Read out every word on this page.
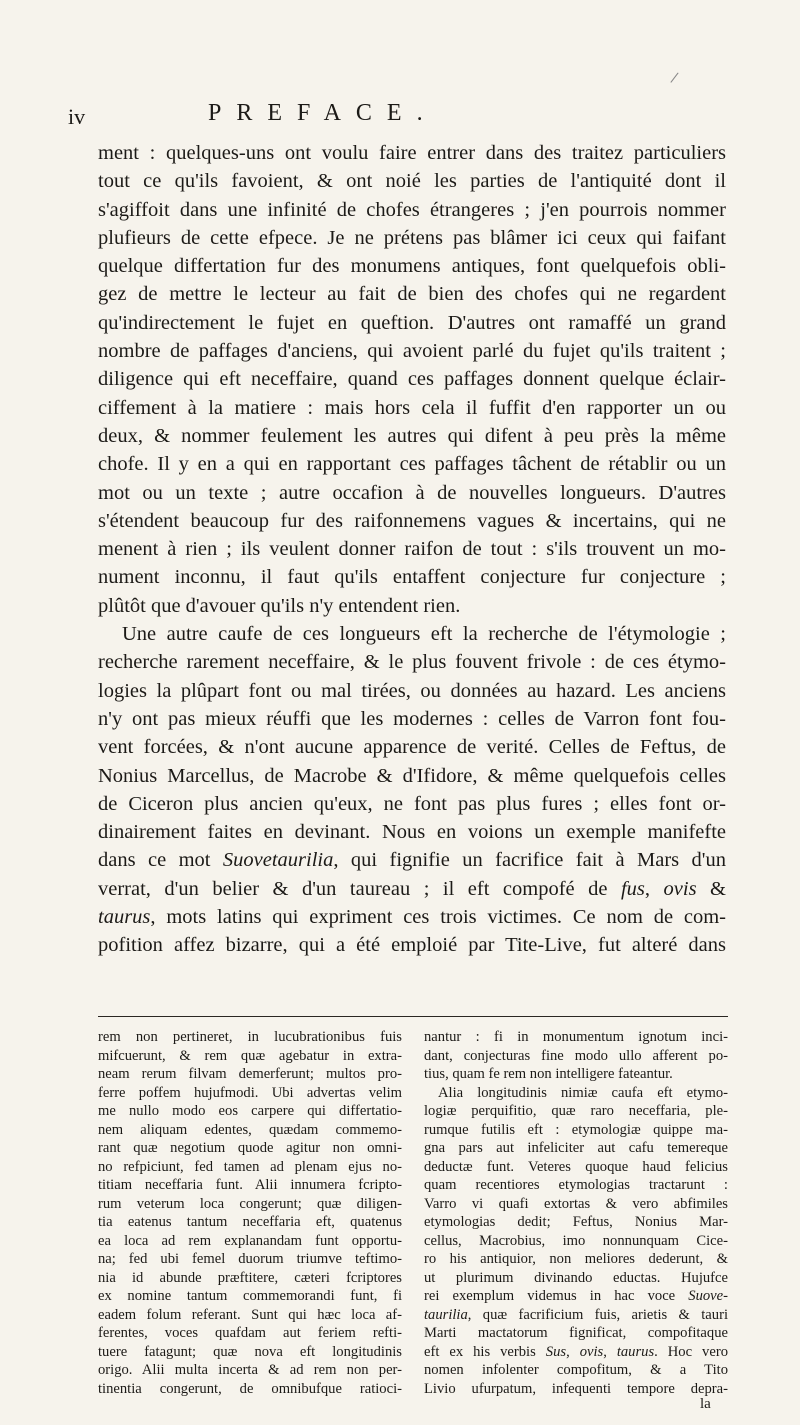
/
iv	PREFACE.
ment : quelques-uns ont voulu faire entrer dans des traitez particuliers
tout ce qu'ils favoient, & ont noié les parties de l'antiquité dont il
s'agiffoit dans une infinité de chofes étrangeres ; j'en pourrois nommer
plufieurs de cette efpece. Je ne prétens pas blâmer ici ceux qui faifant
quelque differtation fur des monumens antiques, font quelquefois obli-
gez de mettre le lecteur au fait de bien des chofes qui ne regardent
qu'indirectement le fujet en queftion. D'autres ont ramaffé un grand
nombre de paffages d'anciens, qui avoient parlé du fujet qu'ils traitent ;
diligence qui eft neceffaire, quand ces paffages donnent quelque éclair-
ciffement à la matiere : mais hors cela il fuffit d'en rapporter un ou
deux, & nommer feulement les autres qui difent à peu près la même
chofe. Il y en a qui en rapportant ces paffages tâchent de rétablir ou un
mot ou un texte ; autre occafion à de nouvelles longueurs. D'autres
s'étendent beaucoup fur des raifonnemens vagues & incertains, qui ne
menent à rien ; ils veulent donner raifon de tout : s'ils trouvent un mo-
nument inconnu, il faut qu'ils entaffent conjecture fur conjecture ;
plûtôt que d'avouer qu'ils n'y entendent rien.
Une autre caufe de ces longueurs eft la recherche de l'étymologie ;
recherche rarement neceffaire, & le plus fouvent frivole : de ces étymo-
logies la plûpart font ou mal tirées, ou données au hazard. Les anciens
n'y ont pas mieux réuffi que les modernes : celles de Varron font fou-
vent forcées, & n'ont aucune apparence de verité. Celles de Feftus, de
Nonius Marcellus, de Macrobe & d'Ifidore, & même quelquefois celles
de Ciceron plus ancien qu'eux, ne font pas plus fures ; elles font or-
dinairement faites en devinant. Nous en voions un exemple manifefte
dans ce mot Suovetaurilia, qui fignifie un facrifice fait à Mars d'un
verrat, d'un belier & d'un taureau ; il eft compofé de fus, ovis &
taurus, mots latins qui expriment ces trois victimes. Ce nom de com-
pofition affez bizarre, qui a été emploié par Tite-Live, fut alteré dans
rem non pertineret, in lucubrationibus fuis
mifcuerunt, & rem quæ agebatur in extra-
neam rerum filvam demerferunt; multos pro-
ferre poffem hujufmodi. Ubi advertas velim
me nullo modo eos carpere qui differtatio-
nem aliquam edentes, quædam commemo-
rant quæ negotium quode agitur non omni-
no refpiciunt, fed tamen ad plenam ejus no-
titiam neceffaria funt. Alii innumera fcripto-
rum veterum loca congerunt; quæ diligen-
tia eatenus tantum neceffaria eft, quatenus
ea loca ad rem explanandam funt opportu-
na; fed ubi femel duorum triumve teftimo-
nia id abunde præftitere, cæteri fcriptores
ex nomine tantum commemorandi funt, fi
eadem folum referant. Sunt qui hæc loca af-
ferentes, voces quafdam aut feriem refti-
tuere fatagunt; quæ nova eft longitudinis
origo. Alii multa incerta & ad rem non per-
tinentia congerunt, de omnibufque ratioci-
nantur : fi in monumentum ignotum inci-
dant, conjecturas fine modo ullo afferent po-
tius, quam fe rem non intelligere fateantur.
Alia longitudinis nimiæ caufa eft etymo-
logiæ perquifitio, quæ raro neceffaria, ple-
rumque futilis eft : etymologiæ quippe ma-
gna pars aut infeliciter aut cafu temereque
deductæ funt. Veteres quoque haud felicius
quam recentiores etymologias tractarunt :
Varro vi quafi extortas & vero abfimiles
etymologias dedit; Feftus, Nonius Mar-
cellus, Macrobius, imo nonnunquam Cice-
ro his antiquior, non meliores dederunt, &
ut plurimum divinando eductas. Hujufce
rei exemplum videmus in hac voce Suove-
taurilia, quæ facrificium fuis, arietis & tauri
Marti mactatorum fignificat, compofitaque
eft ex his verbis Sus, ovis, taurus. Hoc vero
nomen infolenter compofitum, & a Tito
Livio ufurpatum, infequenti tempore depra-
la
